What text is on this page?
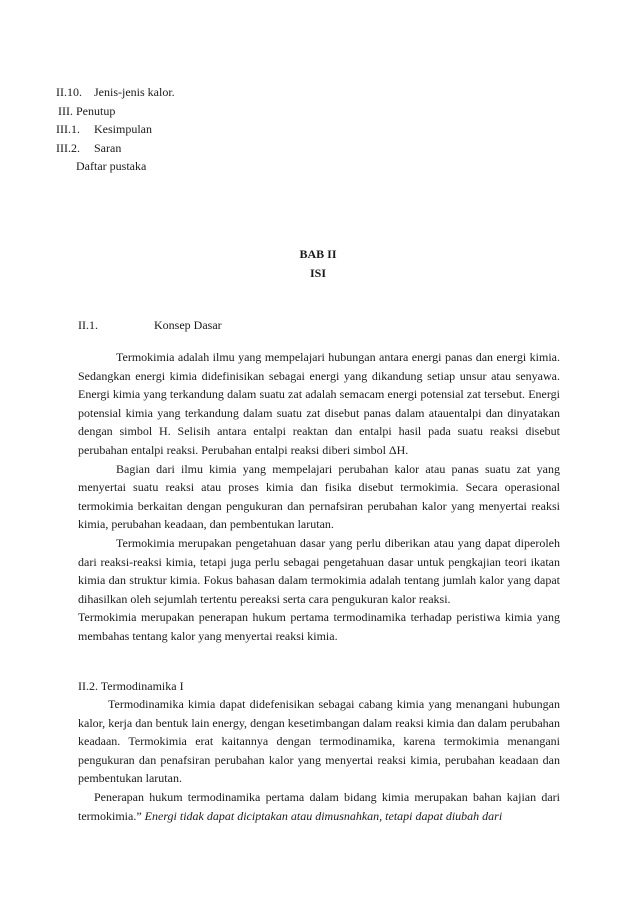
II.10.	Jenis-jenis kalor.
III. Penutup
III.1.	Kesimpulan
III.2.	Saran
Daftar pustaka
BAB II
ISI
II.1.	Konsep Dasar

Termokimia adalah ilmu yang mempelajari hubungan antara energi panas dan energi kimia. Sedangkan energi kimia didefinisikan sebagai energi yang dikandung setiap unsur atau senyawa. Energi kimia yang terkandung dalam suatu zat adalah semacam energi potensial zat tersebut. Energi potensial kimia yang terkandung dalam suatu zat disebut panas dalam atauentalpi dan dinyatakan dengan simbol H. Selisih antara entalpi reaktan dan entalpi hasil pada suatu reaksi disebut perubahan entalpi reaksi. Perubahan entalpi reaksi diberi simbol ΔH.

Bagian dari ilmu kimia yang mempelajari perubahan kalor atau panas suatu zat yang menyertai suatu reaksi atau proses kimia dan fisika disebut termokimia. Secara operasional termokimia berkaitan dengan pengukuran dan pernafsiran perubahan kalor yang menyertai reaksi kimia, perubahan keadaan, dan pembentukan larutan.

Termokimia merupakan pengetahuan dasar yang perlu diberikan atau yang dapat diperoleh dari reaksi-reaksi kimia, tetapi juga perlu sebagai pengetahuan dasar untuk pengkajian teori ikatan kimia dan struktur kimia. Fokus bahasan dalam termokimia adalah tentang jumlah kalor yang dapat dihasilkan oleh sejumlah tertentu pereaksi serta cara pengukuran kalor reaksi.

Termokimia merupakan penerapan hukum pertama termodinamika terhadap peristiwa kimia yang membahas tentang kalor yang menyertai reaksi kimia.

II.2. Termodinamika I

Termodinamika kimia dapat didefenisikan sebagai cabang kimia yang menangani hubungan kalor, kerja dan bentuk lain energy, dengan kesetimbangan dalam reaksi kimia dan dalam perubahan keadaan. Termokimia erat kaitannya dengan termodinamika, karena termokimia menangani pengukuran dan penafsiran perubahan kalor yang menyertai reaksi kimia, perubahan keadaan dan pembentukan larutan.

Penerapan hukum termodinamika pertama dalam bidang kimia merupakan bahan kajian dari termokimia.” Energi tidak dapat diciptakan atau dimusnahkan, tetapi dapat diubah dari
